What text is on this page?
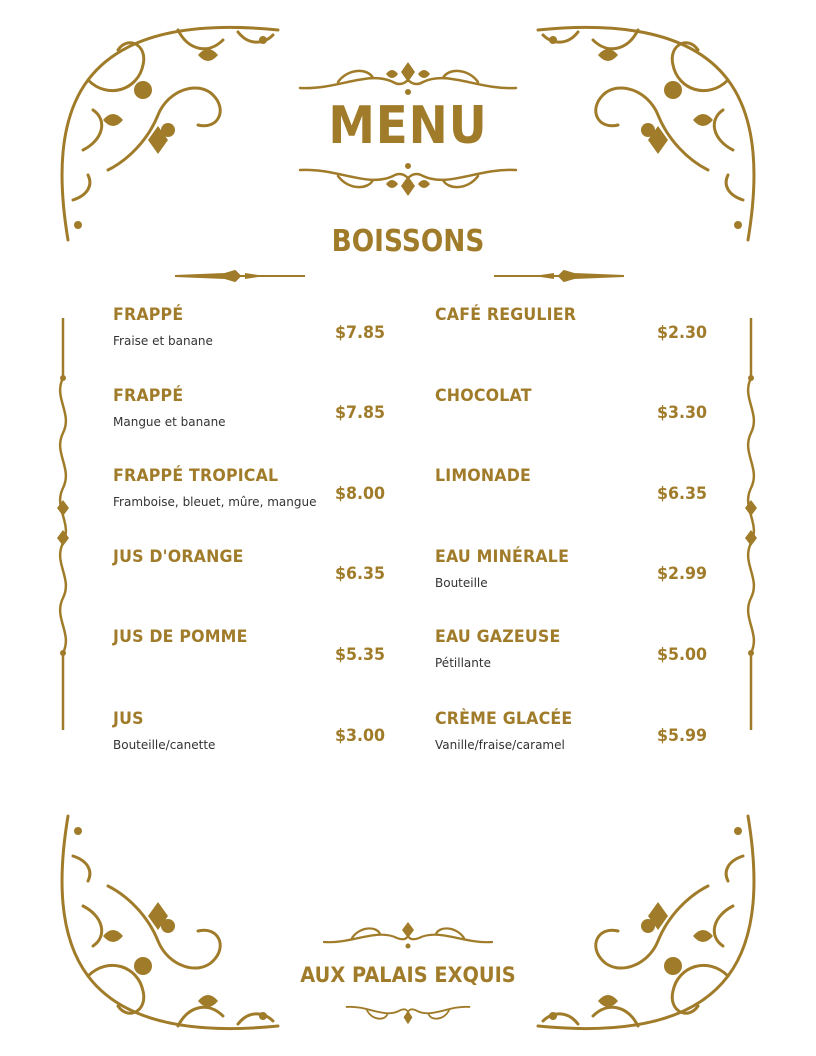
MENU
BOISSONS
FRAPPÉ
Fraise et banane	$7.85
FRAPPÉ
Mangue et banane	$7.85
FRAPPÉ TROPICAL
Framboise, bleuet, mûre, mangue	$8.00
JUS D'ORANGE
$6.35
JUS DE POMME
$5.35
JUS
Bouteille/canette	$3.00
CAFÉ REGULIER
$2.30
CHOCOLAT
$3.30
LIMONADE
$6.35
EAU MINÉRALE
Bouteille	$2.99
EAU GAZEUSE
Pétillante	$5.00
CRÈME GLACÉE
Vanille/fraise/caramel	$5.99
AUX PALAIS EXQUIS
